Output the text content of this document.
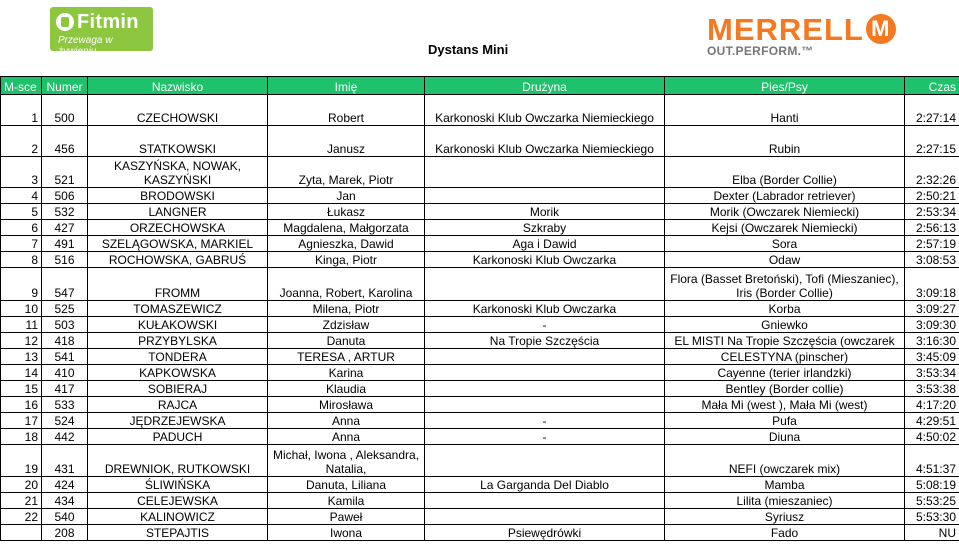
Fitmin
Przewaga w żywieniu
MERRELL M
OUT.PERFORM.™
Dystans Mini
M-sce	Numer	Nazwisko	Imię	Drużyna	Pies/Psy	Czas
1	500	CZECHOWSKI	Robert	Karkonoski Klub Owczarka Niemieckiego	Hanti	2:27:14
2	456	STATKOWSKI	Janusz	Karkonoski Klub Owczarka Niemieckiego	Rubin	2:27:15
3	521	KASZYŃSKA, NOWAK, KASZYŃSKI	Zyta, Marek, Piotr		Elba (Border Collie)	2:32:26
4	506	BRODOWSKI	Jan		Dexter (Labrador retriever)	2:50:21
5	532	LANGNER	Łukasz	Morik	Morik (Owczarek Niemiecki)	2:53:34
6	427	ORZECHOWSKA	Magdalena, Małgorzata	Szkraby	Kejsi (Owczarek Niemiecki)	2:56:13
7	491	SZELĄGOWSKA, MARKIEL	Agnieszka, Dawid	Aga i Dawid	Sora	2:57:19
8	516	ROCHOWSKA, GABRUŚ	Kinga, Piotr	Karkonoski Klub Owczarka	Odaw	3:08:53
9	547	FROMM	Joanna, Robert, Karolina		Flora (Basset Bretoński), Tofi (Mieszaniec), Iris (Border Collie)	3:09:18
10	525	TOMASZEWICZ	Milena, Piotr	Karkonoski Klub Owczarka	Korba	3:09:27
11	503	KUŁAKOWSKI	Zdzisław	-	Gniewko	3:09:30
12	418	PRZYBYLSKA	Danuta	Na Tropie Szczęścia	EL MISTI Na Tropie Szczęścia (owczarek	3:16:30
13	541	TONDERA	TERESA , ARTUR		CELESTYNA (pinscher)	3:45:09
14	410	KAPKOWSKA	Karina		Cayenne (terier irlandzki)	3:53:34
15	417	SOBIERAJ	Klaudia		Bentley (Border collie)	3:53:38
16	533	RAJCA	Mirosława		Mała Mi (west ), Mała Mi (west)	4:17:20
17	524	JĘDRZEJEWSKA	Anna	-	Pufa	4:29:51
18	442	PADUCH	Anna	-	Diuna	4:50:02
19	431	DREWNIOK, RUTKOWSKI	Michał, Iwona , Aleksandra, Natalia,		NEFI (owczarek mix)	4:51:37
20	424	ŚLIWIŃSKA	Danuta, Liliana	La Garganda Del Diablo	Mamba	5:08:19
21	434	CELEJEWSKA	Kamila		Lilita (mieszaniec)	5:53:25
22	540	KALINOWICZ	Paweł		Syriusz	5:53:30
	208	STEPAJTIS	Iwona	Psiewędrówki	Fado	NU
